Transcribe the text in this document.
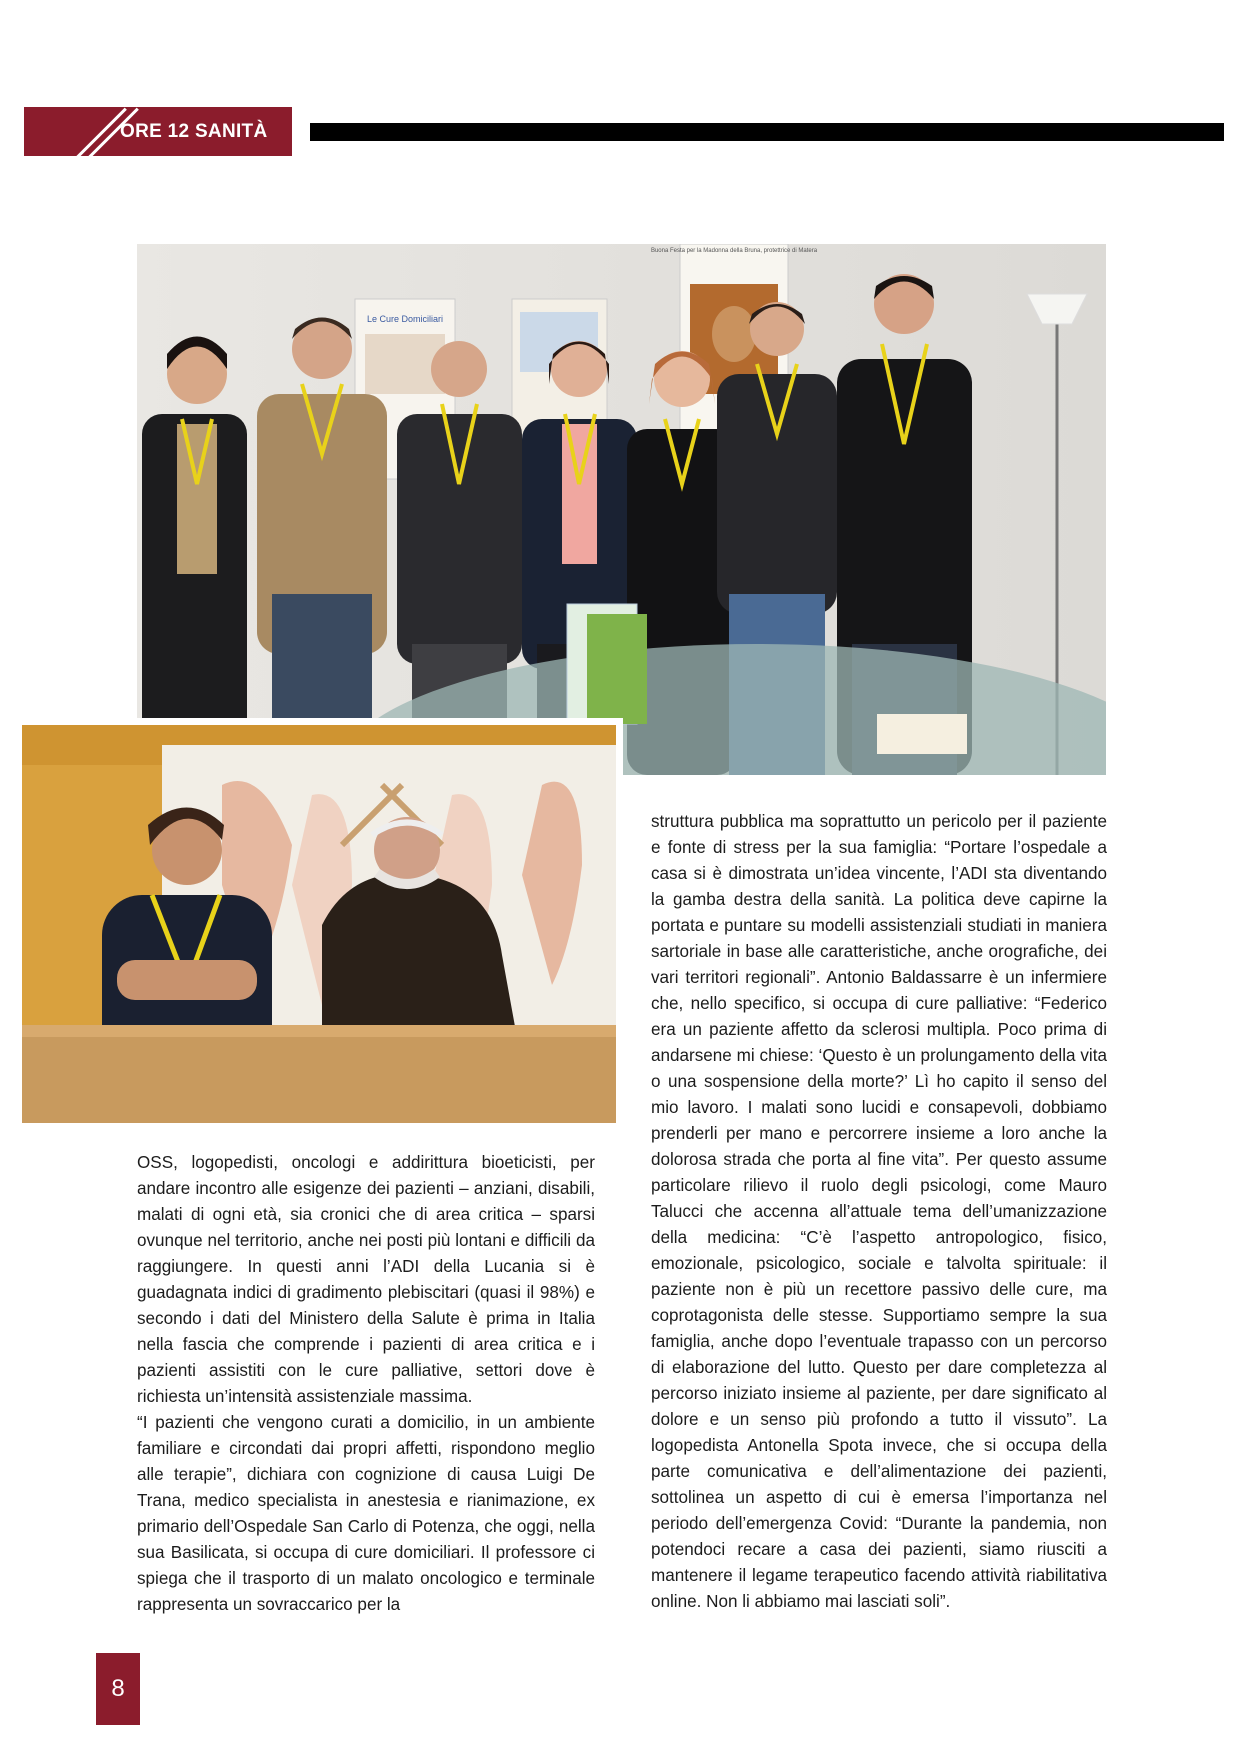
ORE 12 SANITÀ
Le Cure Domiciliari
Buona Festa per la Madonna della Bruna, protettrice di Matera

OSS, logopedisti, oncologi e addirittura bioeticisti, per andare incontro alle esigenze dei pazienti – anziani, disabili, malati di ogni età, sia cronici che di area critica – sparsi ovunque nel territorio, anche nei posti più lontani e difficili da raggiungere. In questi anni l’ADI della Lucania si è guadagnata indici di gradimento plebiscitari (quasi il 98%) e secondo i dati del Ministero della Salute è prima in Italia nella fascia che comprende i pazienti di area critica e i pazienti assistiti con le cure palliative, settori dove è richiesta un’intensità assistenziale massima.

“I pazienti che vengono curati a domicilio, in un ambiente familiare e circondati dai propri affetti, rispondono meglio alle terapie”, dichiara con cognizione di causa Luigi De Trana, medico specialista in anestesia e rianimazione, ex primario dell’Ospedale San Carlo di Potenza, che oggi, nella sua Basilicata, si occupa di cure domiciliari. Il professore ci spiega che il trasporto di un malato oncologico e terminale rappresenta un sovraccarico per la

struttura pubblica ma soprattutto un pericolo per il paziente e fonte di stress per la sua famiglia: “Portare l’ospedale a casa si è dimostrata un’idea vincente, l’ADI sta diventando la gamba destra della sanità. La politica deve capirne la portata e puntare su modelli assistenziali studiati in maniera sartoriale in base alle caratteristiche, anche orografiche, dei vari territori regionali”. Antonio Baldassarre è un infermiere che, nello specifico, si occupa di cure palliative: “Federico era un paziente affetto da sclerosi multipla. Poco prima di andarsene mi chiese: ‘Questo è un prolungamento della vita o una sospensione della morte?’ Lì ho capito il senso del mio lavoro. I malati sono lucidi e consapevoli, dobbiamo prenderli per mano e percorrere insieme a loro anche la dolorosa strada che porta al fine vita”. Per questo assume particolare rilievo il ruolo degli psicologi, come Mauro Talucci che accenna all’attuale tema dell’umanizzazione della medicina: “C’è l’aspetto antropologico, fisico, emozionale, psicologico, sociale e talvolta spirituale: il paziente non è più un recettore passivo delle cure, ma coprotagonista delle stesse. Supportiamo sempre la sua famiglia, anche dopo l’eventuale trapasso con un percorso di elaborazione del lutto. Questo per dare completezza al percorso iniziato insieme al paziente, per dare significato al dolore e un senso più profondo a tutto il vissuto”. La logopedista Antonella Spota invece, che si occupa della parte comunicativa e dell’alimentazione dei pazienti, sottolinea un aspetto di cui è emersa l’importanza nel periodo dell’emergenza Covid: “Durante la pandemia, non potendoci recare a casa dei pazienti, siamo riusciti a mantenere il legame terapeutico facendo attività riabilitativa online. Non li abbiamo mai lasciati soli”.

8
